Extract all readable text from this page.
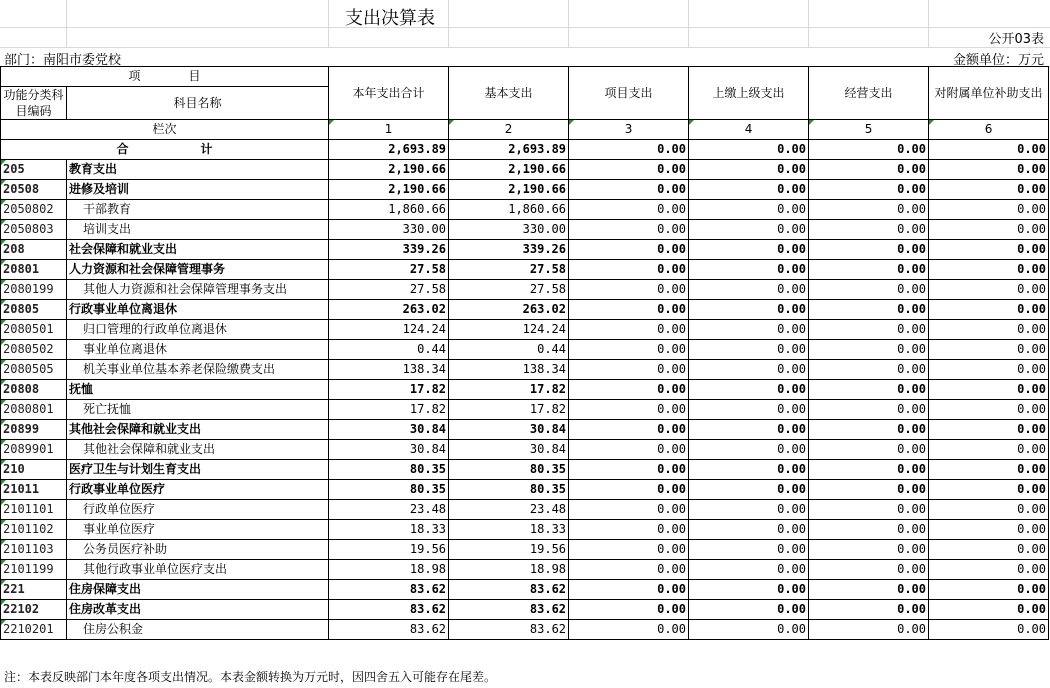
支出决算表
公开03表
部门：南阳市委党校	金额单位：万元
项　　　　目		本年支出合计	基本支出	项目支出	上缴上级支出	经营支出	对附属单位补助支出
功能分类科目编码	科目名称						

栏次		1	2	3	4	5	6
合　　　　　　计		2,693.89	2,693.89	0.00	0.00	0.00	0.00
205	教育支出	2,190.66	2,190.66	0.00	0.00	0.00	0.00
20508	进修及培训	2,190.66	2,190.66	0.00	0.00	0.00	0.00
2050802	干部教育	1,860.66	1,860.66	0.00	0.00	0.00	0.00
2050803	培训支出	330.00	330.00	0.00	0.00	0.00	0.00
208	社会保障和就业支出	339.26	339.26	0.00	0.00	0.00	0.00
20801	人力资源和社会保障管理事务	27.58	27.58	0.00	0.00	0.00	0.00
2080199	其他人力资源和社会保障管理事务支出	27.58	27.58	0.00	0.00	0.00	0.00
20805	行政事业单位离退休	263.02	263.02	0.00	0.00	0.00	0.00
2080501	归口管理的行政单位离退休	124.24	124.24	0.00	0.00	0.00	0.00
2080502	事业单位离退休	0.44	0.44	0.00	0.00	0.00	0.00
2080505	机关事业单位基本养老保险缴费支出	138.34	138.34	0.00	0.00	0.00	0.00
20808	抚恤	17.82	17.82	0.00	0.00	0.00	0.00
2080801	死亡抚恤	17.82	17.82	0.00	0.00	0.00	0.00
20899	其他社会保障和就业支出	30.84	30.84	0.00	0.00	0.00	0.00
2089901	其他社会保障和就业支出	30.84	30.84	0.00	0.00	0.00	0.00
210	医疗卫生与计划生育支出	80.35	80.35	0.00	0.00	0.00	0.00
21011	行政事业单位医疗	80.35	80.35	0.00	0.00	0.00	0.00
2101101	行政单位医疗	23.48	23.48	0.00	0.00	0.00	0.00
2101102	事业单位医疗	18.33	18.33	0.00	0.00	0.00	0.00
2101103	公务员医疗补助	19.56	19.56	0.00	0.00	0.00	0.00
2101199	其他行政事业单位医疗支出	18.98	18.98	0.00	0.00	0.00	0.00
221	住房保障支出	83.62	83.62	0.00	0.00	0.00	0.00
22102	住房改革支出	83.62	83.62	0.00	0.00	0.00	0.00
2210201	住房公积金	83.62	83.62	0.00	0.00	0.00	0.00
注：本表反映部门本年度各项支出情况。本表金额转换为万元时，因四舍五入可能存在尾差。
